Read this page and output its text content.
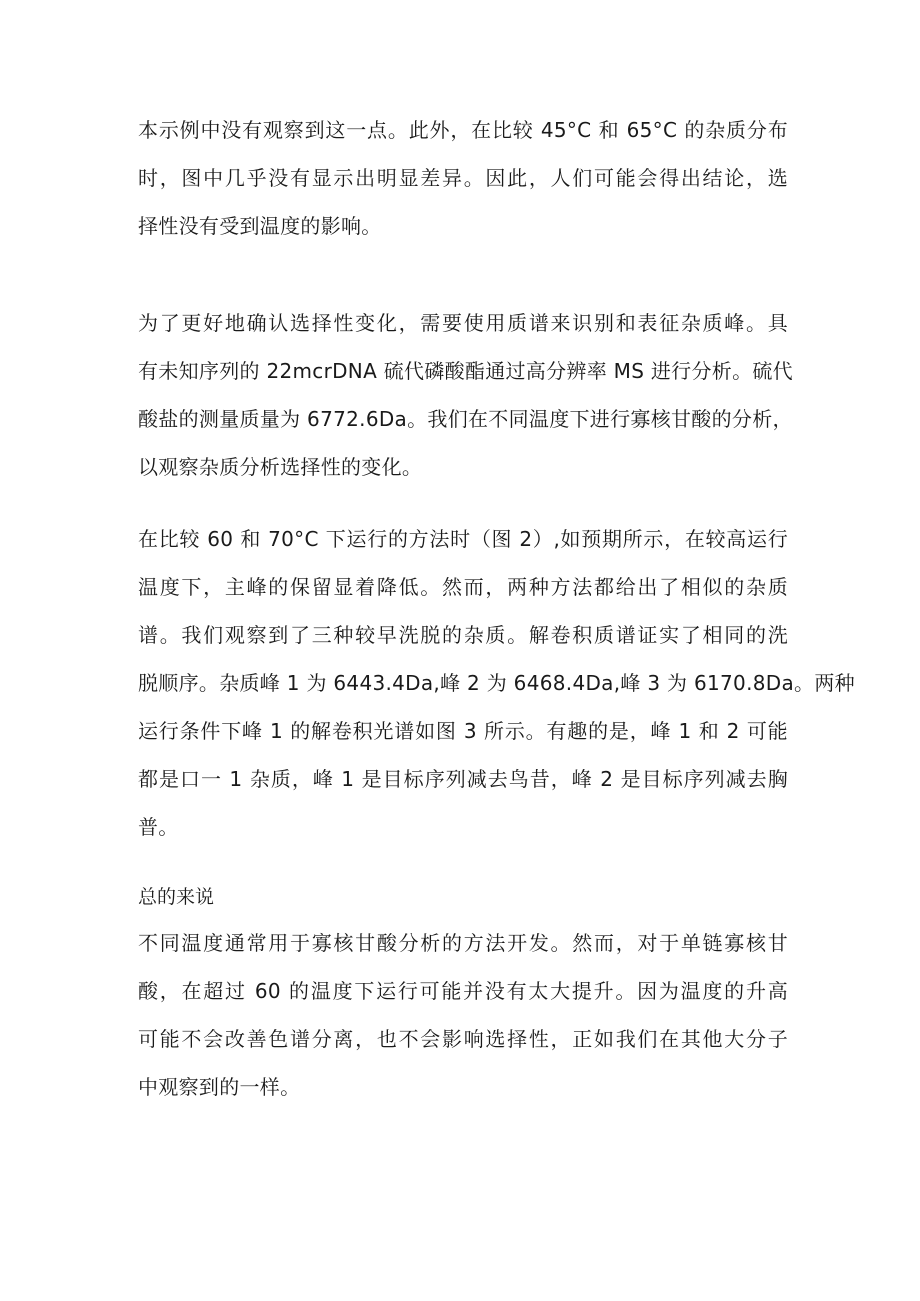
本示例中没有观察到这一点。此外，在比较 45°C 和 65°C 的杂质分布
时，图中几乎没有显示出明显差异。因此，人们可能会得出结论，选
择性没有受到温度的影响。
为了更好地确认选择性变化，需要使用质谱来识别和表征杂质峰。具
有未知序列的 22mcrDNA 硫代磷酸酯通过高分辨率 MS 进行分析。硫代
酸盐的测量质量为 6772.6Da。我们在不同温度下进行寡核甘酸的分析，
以观察杂质分析选择性的变化。
在比较 60 和 70°C 下运行的方法时（图 2）,如预期所示，在较高运行
温度下，主峰的保留显着降低。然而，两种方法都给出了相似的杂质
谱。我们观察到了三种较早洗脱的杂质。解卷积质谱证实了相同的洗
脱顺序。杂质峰 1 为 6443.4Da,峰 2 为 6468.4Da,峰 3 为 6170.8Da。两种
运行条件下峰 1 的解卷积光谱如图 3 所示。有趣的是，峰 1 和 2 可能
都是口一 1 杂质，峰 1 是目标序列减去鸟昔，峰 2 是目标序列减去胸
普。
总的来说
不同温度通常用于寡核甘酸分析的方法开发。然而，对于单链寡核甘
酸，在超过 60 的温度下运行可能并没有太大提升。因为温度的升高
可能不会改善色谱分离，也不会影响选择性，正如我们在其他大分子
中观察到的一样。
